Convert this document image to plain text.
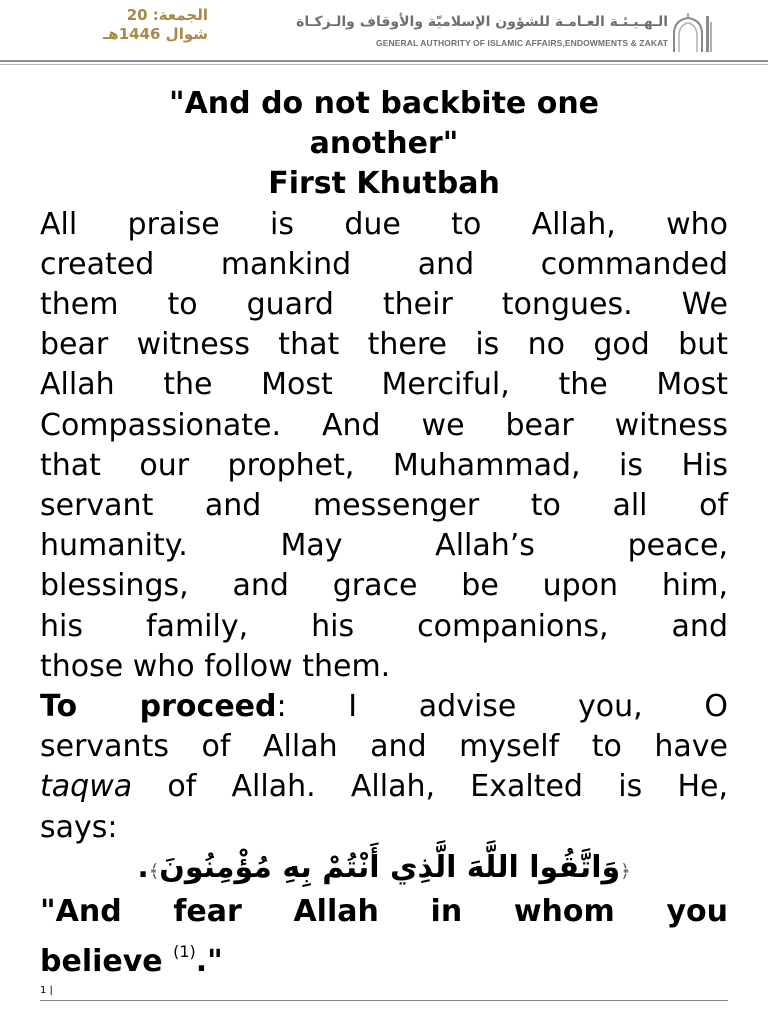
الجمعة: 20
شوال 1446هـ
الـهـيـئـة العـامـة للشؤون الإسلاميّة والأوقاف والـزكـاة
GENERAL AUTHORITY OF ISLAMIC AFFAIRS,ENDOWMENTS & ZAKAT
"And do not backbite one
another"
First Khutbah
All praise is due to Allah, who
created mankind and commanded
them to guard their tongues. We
bear witness that there is no god but
Allah the Most Merciful, the Most
Compassionate. And we bear witness
that our prophet, Muhammad, is His
servant and messenger to all of
humanity. May Allah’s peace,
blessings, and grace be upon him,
his family, his companions, and
those who follow them.
To proceed: I advise you, O
servants of Allah and myself to have
taqwa of Allah. Allah, Exalted is He,
says:
﴿وَاتَّقُوا اللَّهَ الَّذِي أَنْتُمْ بِهِ مُؤْمِنُونَ﴾.
"And fear Allah in whom you
believe $^{(1)}$."
1 |
